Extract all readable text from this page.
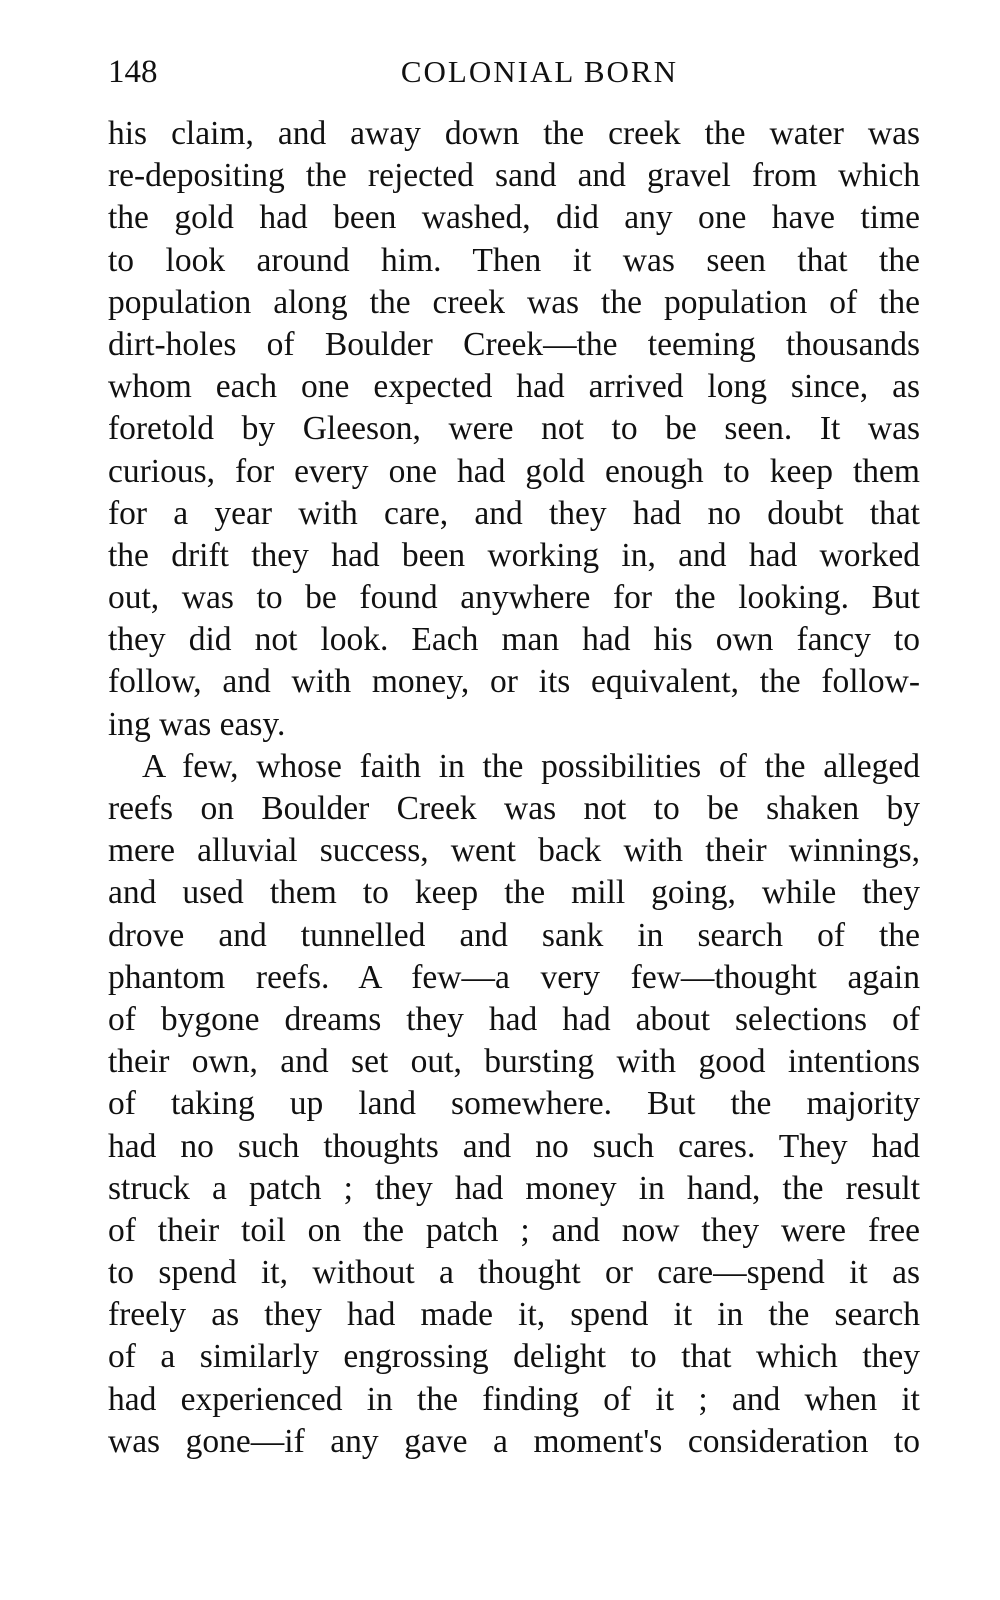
148	COLONIAL BORN
his claim, and away down the creek the water was
re-depositing the rejected sand and gravel from which
the gold had been washed, did any one have time
to look around him. Then it was seen that the
population along the creek was the population of the
dirt-holes of Boulder Creek—the teeming thousands
whom each one expected had arrived long since, as
foretold by Gleeson, were not to be seen. It was
curious, for every one had gold enough to keep them
for a year with care, and they had no doubt that
the drift they had been working in, and had worked
out, was to be found anywhere for the looking. But
they did not look. Each man had his own fancy to
follow, and with money, or its equivalent, the follow-
ing was easy.
A few, whose faith in the possibilities of the alleged
reefs on Boulder Creek was not to be shaken by
mere alluvial success, went back with their winnings,
and used them to keep the mill going, while they
drove and tunnelled and sank in search of the
phantom reefs. A few—a very few—thought again
of bygone dreams they had had about selections of
their own, and set out, bursting with good intentions
of taking up land somewhere. But the majority
had no such thoughts and no such cares. They had
struck a patch ; they had money in hand, the result
of their toil on the patch ; and now they were free
to spend it, without a thought or care—spend it as
freely as they had made it, spend it in the search
of a similarly engrossing delight to that which they
had experienced in the finding of it ; and when it
was gone—if any gave a moment's consideration to
